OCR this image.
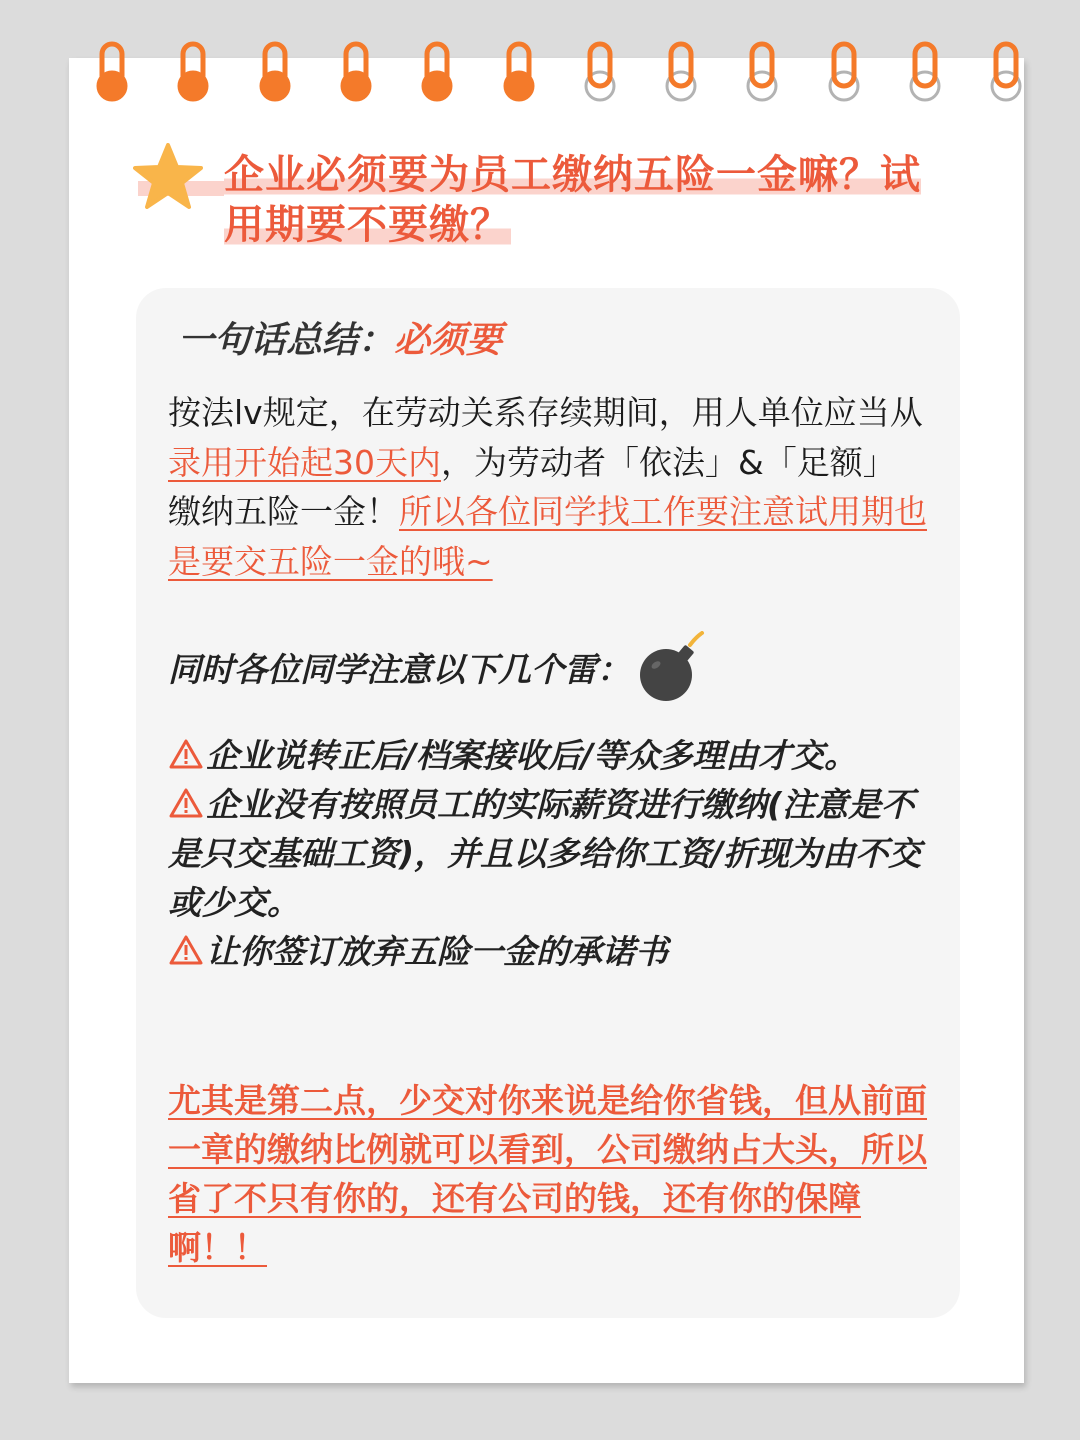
企业必须要为员工缴纳五险一金嘛？试
用期要不要缴？
一句话总结：必须要
按法lv规定，在劳动关系存续期间，用人单位应当从录用开始起30天内，为劳动者「依法」&「足额」缴纳五险一金！所以各位同学找工作要注意试用期也是要交五险一金的哦~
同时各位同学注意以下几个雷：
企业说转正后/档案接收后/等众多理由才交。
企业没有按照员工的实际薪资进行缴纳(注意是不是只交基础工资)，并且以多给你工资/折现为由不交或少交。
让你签订放弃五险一金的承诺书
尤其是第二点，少交对你来说是给你省钱，但从前面一章的缴纳比例就可以看到，公司缴纳占大头，所以省了不只有你的，还有公司的钱，还有你的保障啊！！
